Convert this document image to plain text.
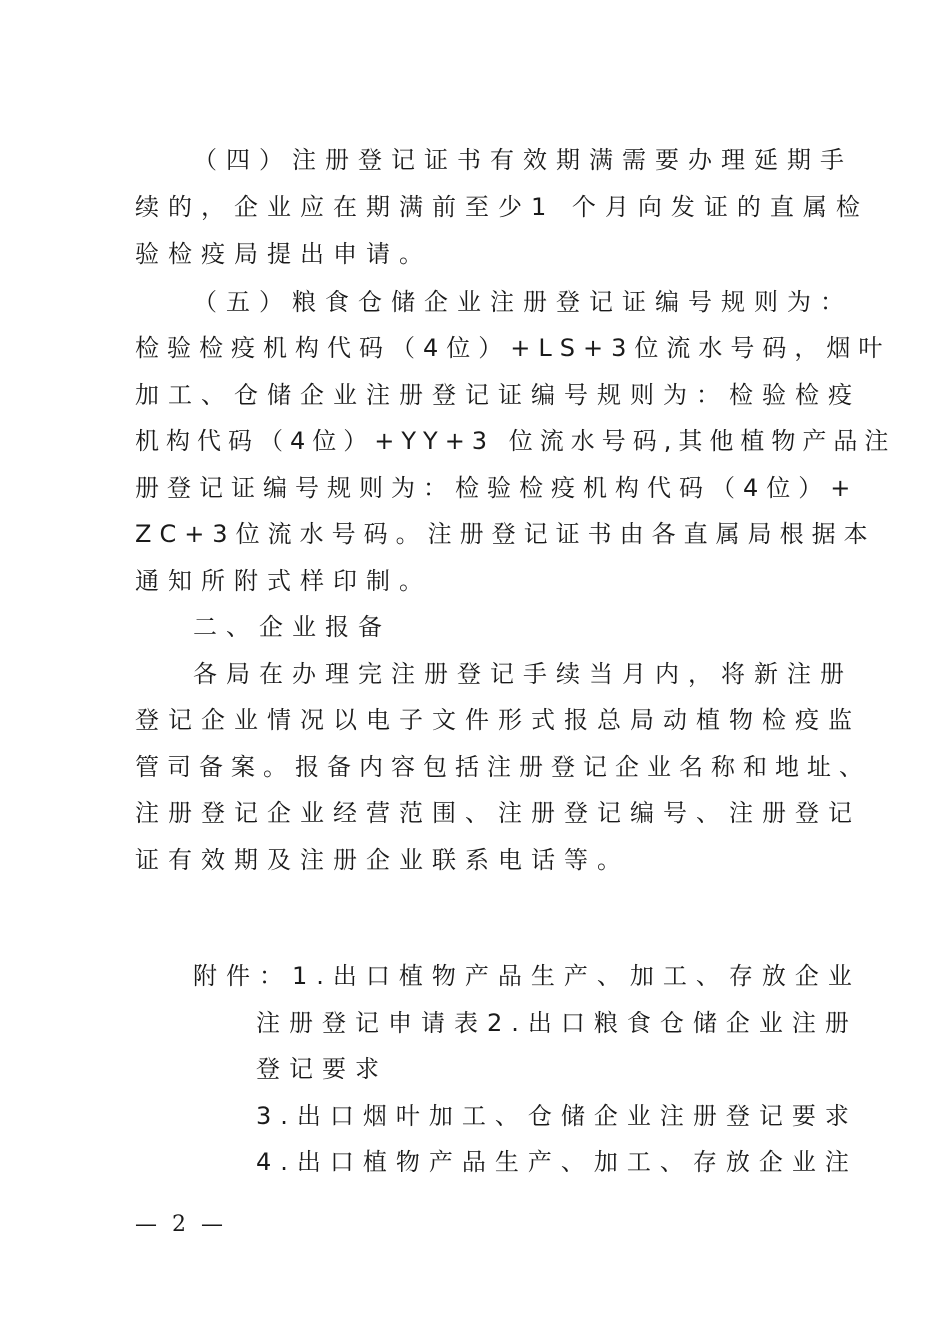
（四）注册登记证书有效期满需要办理延期手
续的，企业应在期满前至少1 个月向发证的直属检
验检疫局提出申请。
（五）粮食仓储企业注册登记证编号规则为：
检验检疫机构代码（4位）+LS+3位流水号码，烟叶
加工、仓储企业注册登记证编号规则为：检验检疫
机构代码（4位）+YY+3 位流水号码,其他植物产品注
册登记证编号规则为：检验检疫机构代码（4位）+
ZC+3位流水号码。注册登记证书由各直属局根据本
通知所附式样印制。
二、企业报备
各局在办理完注册登记手续当月内，将新注册
登记企业情况以电子文件形式报总局动植物检疫监
管司备案。报备内容包括注册登记企业名称和地址、
注册登记企业经营范围、注册登记编号、注册登记
证有效期及注册企业联系电话等。
附件：1.出口植物产品生产、加工、存放企业
注册登记申请表2.出口粮食仓储企业注册
登记要求
3.出口烟叶加工、仓储企业注册登记要求
4.出口植物产品生产、加工、存放企业注
— 2 —
